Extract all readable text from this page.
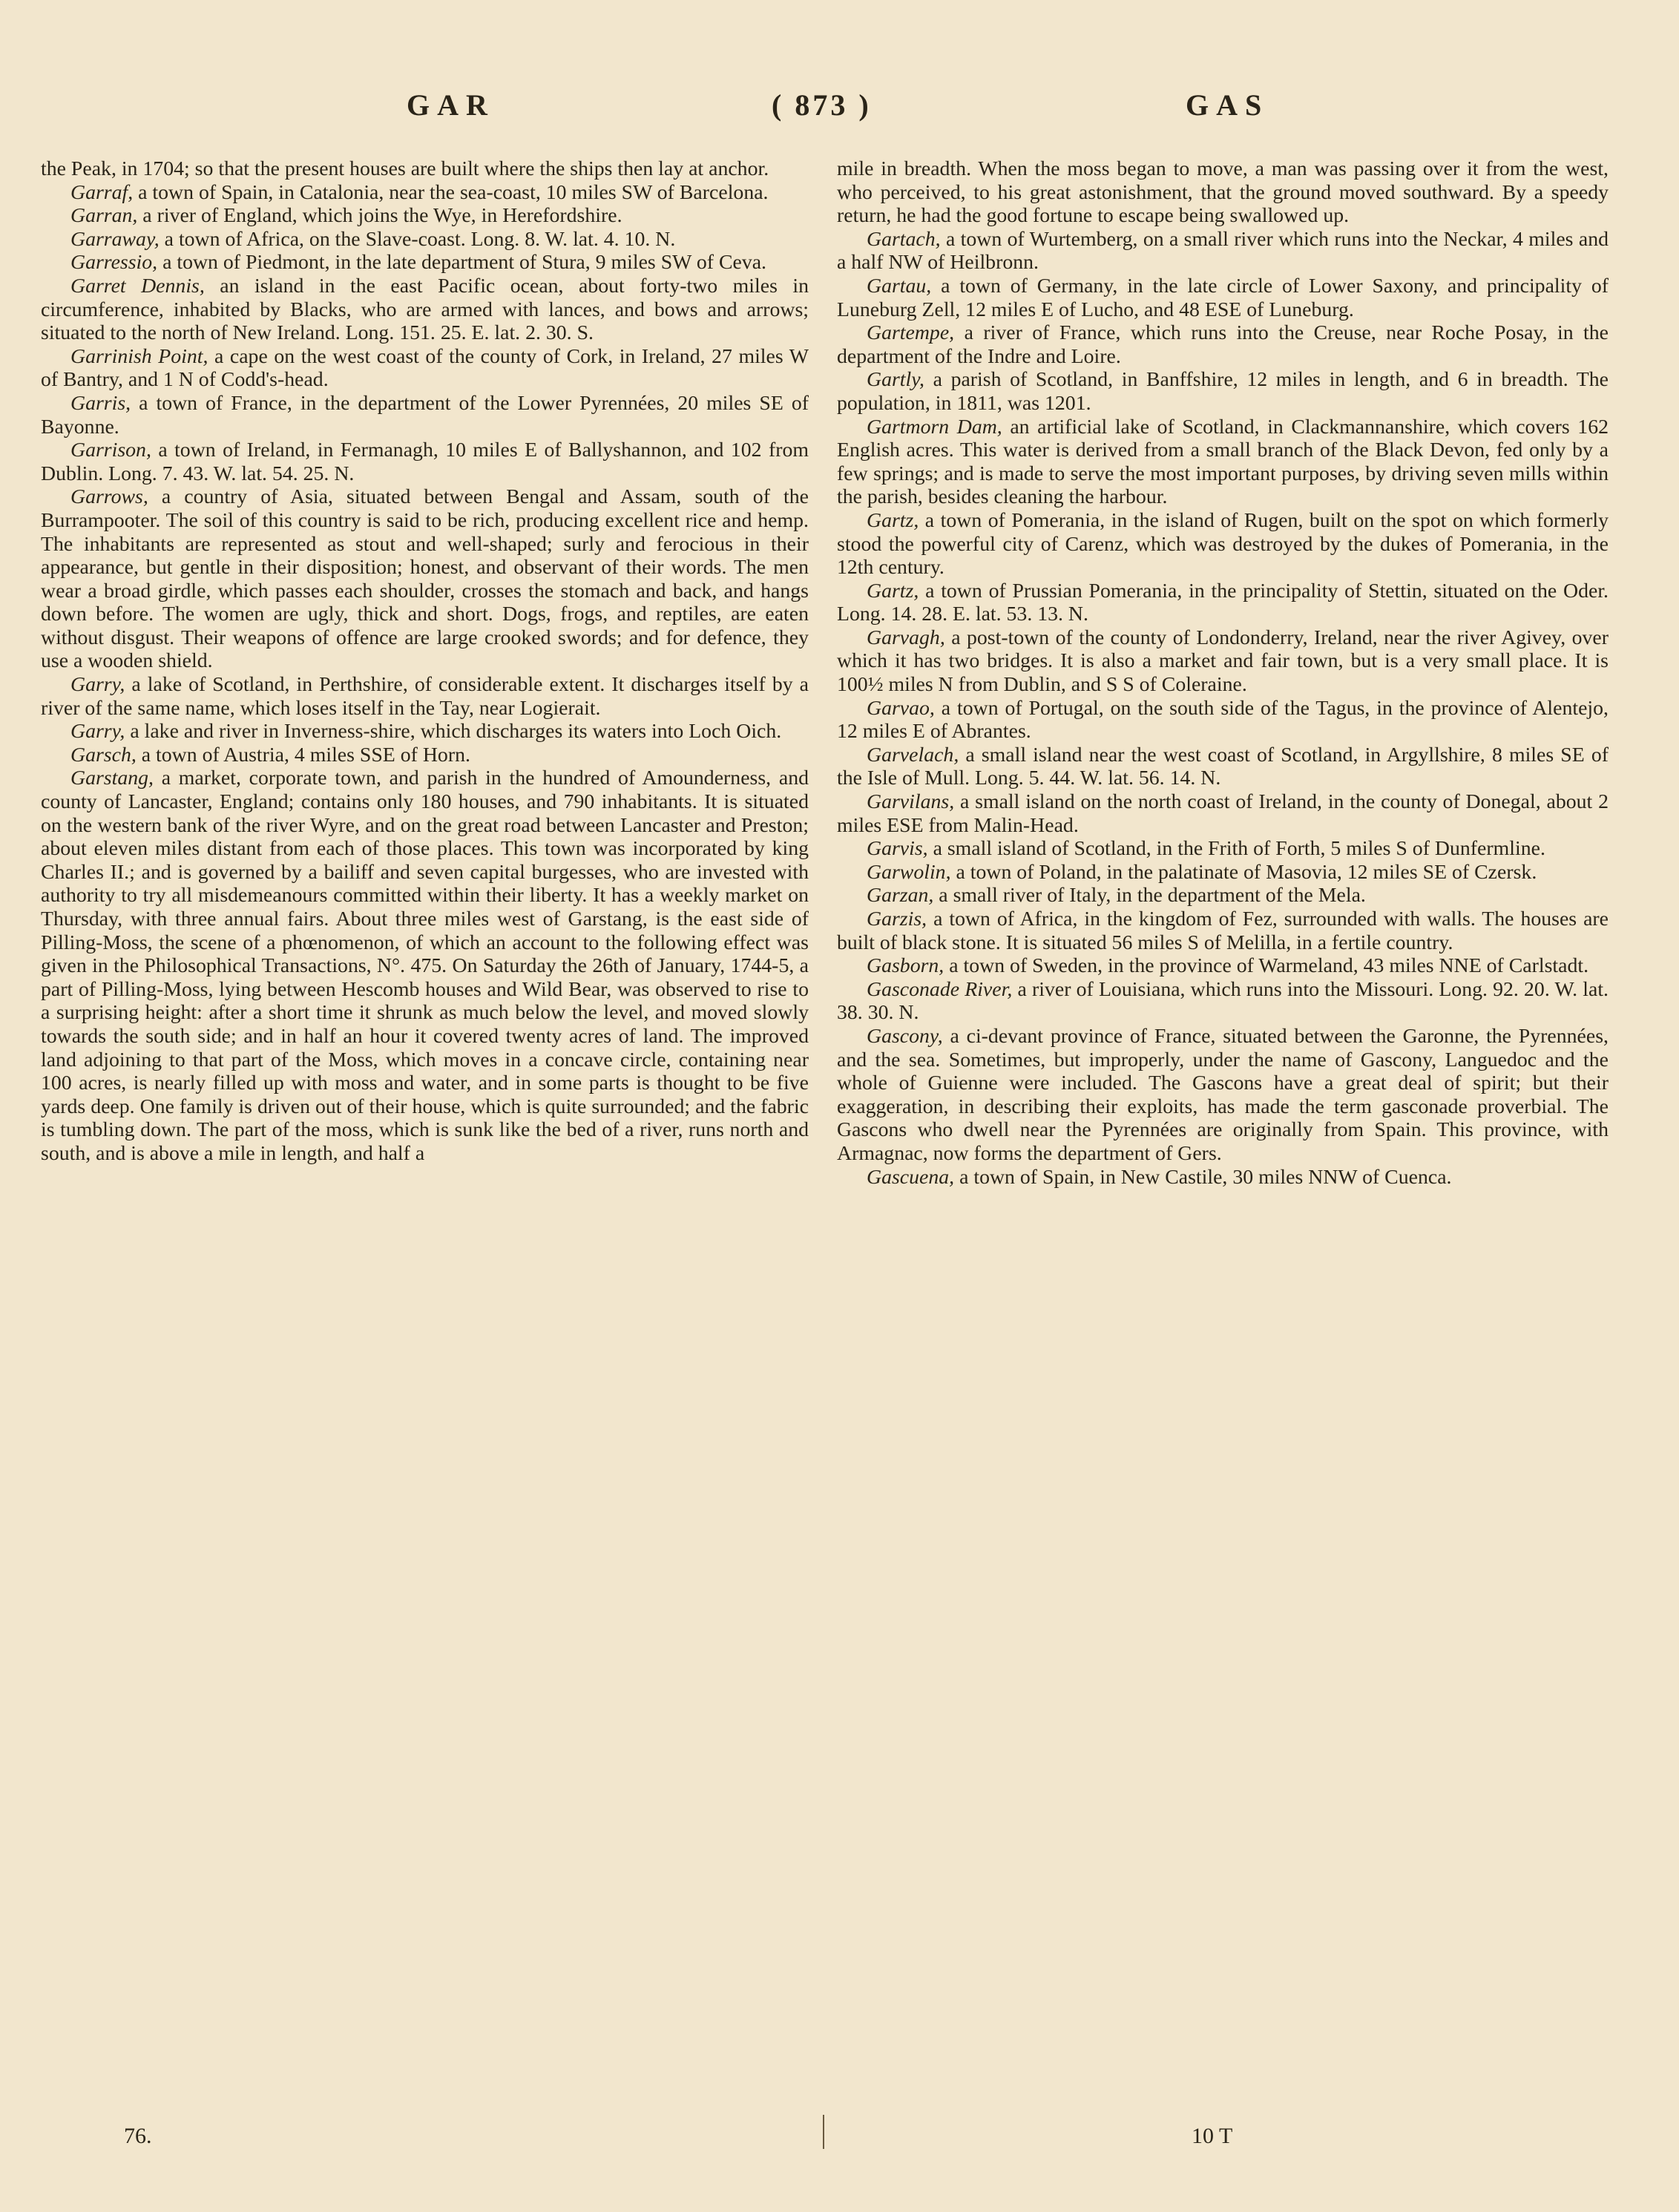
GAR	( 873 )	GAS

the Peak, in 1704; so that the present houses are built where the ships then lay at anchor.

Garraf, a town of Spain, in Catalonia, near the sea-coast, 10 miles SW of Barcelona.

Garran, a river of England, which joins the Wye, in Herefordshire.

Garraway, a town of Africa, on the Slave-coast. Long. 8. W. lat. 4. 10. N.

Garressio, a town of Piedmont, in the late department of Stura, 9 miles SW of Ceva.

Garret Dennis, an island in the east Pacific ocean, about forty-two miles in circumference, inhabited by Blacks, who are armed with lances, and bows and arrows; situated to the north of New Ireland. Long. 151. 25. E. lat. 2. 30. S.

Garrinish Point, a cape on the west coast of the county of Cork, in Ireland, 27 miles W of Bantry, and 1 N of Codd's-head.

Garris, a town of France, in the department of the Lower Pyrennées, 20 miles SE of Bayonne.

Garrison, a town of Ireland, in Fermanagh, 10 miles E of Ballyshannon, and 102 from Dublin. Long. 7. 43. W. lat. 54. 25. N.

Garrows, a country of Asia, situated between Bengal and Assam, south of the Burrampooter. The soil of this country is said to be rich, producing excellent rice and hemp. The inhabitants are represented as stout and well-shaped; surly and ferocious in their appearance, but gentle in their disposition; honest, and observant of their words. The men wear a broad girdle, which passes each shoulder, crosses the stomach and back, and hangs down before. The women are ugly, thick and short. Dogs, frogs, and reptiles, are eaten without disgust. Their weapons of offence are large crooked swords; and for defence, they use a wooden shield.

Garry, a lake of Scotland, in Perthshire, of considerable extent. It discharges itself by a river of the same name, which loses itself in the Tay, near Logierait.

Garry, a lake and river in Inverness-shire, which discharges its waters into Loch Oich.

Garsch, a town of Austria, 4 miles SSE of Horn.

Garstang, a market, corporate town, and parish in the hundred of Amounderness, and county of Lancaster, England; contains only 180 houses, and 790 inhabitants. It is situated on the western bank of the river Wyre, and on the great road between Lancaster and Preston; about eleven miles distant from each of those places. This town was incorporated by king Charles II.; and is governed by a bailiff and seven capital burgesses, who are invested with authority to try all misdemeanours committed within their liberty. It has a weekly market on Thursday, with three annual fairs. About three miles west of Garstang, is the east side of Pilling-Moss, the scene of a phœnomenon, of which an account to the following effect was given in the Philosophical Transactions, N°. 475. On Saturday the 26th of January, 1744-5, a part of Pilling-Moss, lying between Hescomb houses and Wild Bear, was observed to rise to a surprising height: after a short time it shrunk as much below the level, and moved slowly towards the south side; and in half an hour it covered twenty acres of land. The improved land adjoining to that part of the Moss, which moves in a concave circle, containing near 100 acres, is nearly filled up with moss and water, and in some parts is thought to be five yards deep. One family is driven out of their house, which is quite surrounded; and the fabric is tumbling down. The part of the moss, which is sunk like the bed of a river, runs north and south, and is above a mile in length, and half a

mile in breadth. When the moss began to move, a man was passing over it from the west, who perceived, to his great astonishment, that the ground moved southward. By a speedy return, he had the good fortune to escape being swallowed up.

Gartach, a town of Wurtemberg, on a small river which runs into the Neckar, 4 miles and a half NW of Heilbronn.

Gartau, a town of Germany, in the late circle of Lower Saxony, and principality of Luneburg Zell, 12 miles E of Lucho, and 48 ESE of Luneburg.

Gartempe, a river of France, which runs into the Creuse, near Roche Posay, in the department of the Indre and Loire.

Gartly, a parish of Scotland, in Banffshire, 12 miles in length, and 6 in breadth. The population, in 1811, was 1201.

Gartmorn Dam, an artificial lake of Scotland, in Clackmannanshire, which covers 162 English acres. This water is derived from a small branch of the Black Devon, fed only by a few springs; and is made to serve the most important purposes, by driving seven mills within the parish, besides cleaning the harbour.

Gartz, a town of Pomerania, in the island of Rugen, built on the spot on which formerly stood the powerful city of Carenz, which was destroyed by the dukes of Pomerania, in the 12th century.

Gartz, a town of Prussian Pomerania, in the principality of Stettin, situated on the Oder. Long. 14. 28. E. lat. 53. 13. N.

Garvagh, a post-town of the county of Londonderry, Ireland, near the river Agivey, over which it has two bridges. It is also a market and fair town, but is a very small place. It is 100½ miles N from Dublin, and S S of Coleraine.

Garvao, a town of Portugal, on the south side of the Tagus, in the province of Alentejo, 12 miles E of Abrantes.

Garvelach, a small island near the west coast of Scotland, in Argyllshire, 8 miles SE of the Isle of Mull. Long. 5. 44. W. lat. 56. 14. N.

Garvilans, a small island on the north coast of Ireland, in the county of Donegal, about 2 miles ESE from Malin-Head.

Garvis, a small island of Scotland, in the Frith of Forth, 5 miles S of Dunfermline.

Garwolin, a town of Poland, in the palatinate of Masovia, 12 miles SE of Czersk.

Garzan, a small river of Italy, in the department of the Mela.

Garzis, a town of Africa, in the kingdom of Fez, surrounded with walls. The houses are built of black stone. It is situated 56 miles S of Melilla, in a fertile country.

Gasborn, a town of Sweden, in the province of Warmeland, 43 miles NNE of Carlstadt.

Gasconade River, a river of Louisiana, which runs into the Missouri. Long. 92. 20. W. lat. 38. 30. N.

Gascony, a ci-devant province of France, situated between the Garonne, the Pyrennées, and the sea. Sometimes, but improperly, under the name of Gascony, Languedoc and the whole of Guienne were included. The Gascons have a great deal of spirit; but their exaggeration, in describing their exploits, has made the term gasconade proverbial. The Gascons who dwell near the Pyrennées are originally from Spain. This province, with Armagnac, now forms the department of Gers.

Gascuena, a town of Spain, in New Castile, 30 miles NNW of Cuenca.

76.	10 T
